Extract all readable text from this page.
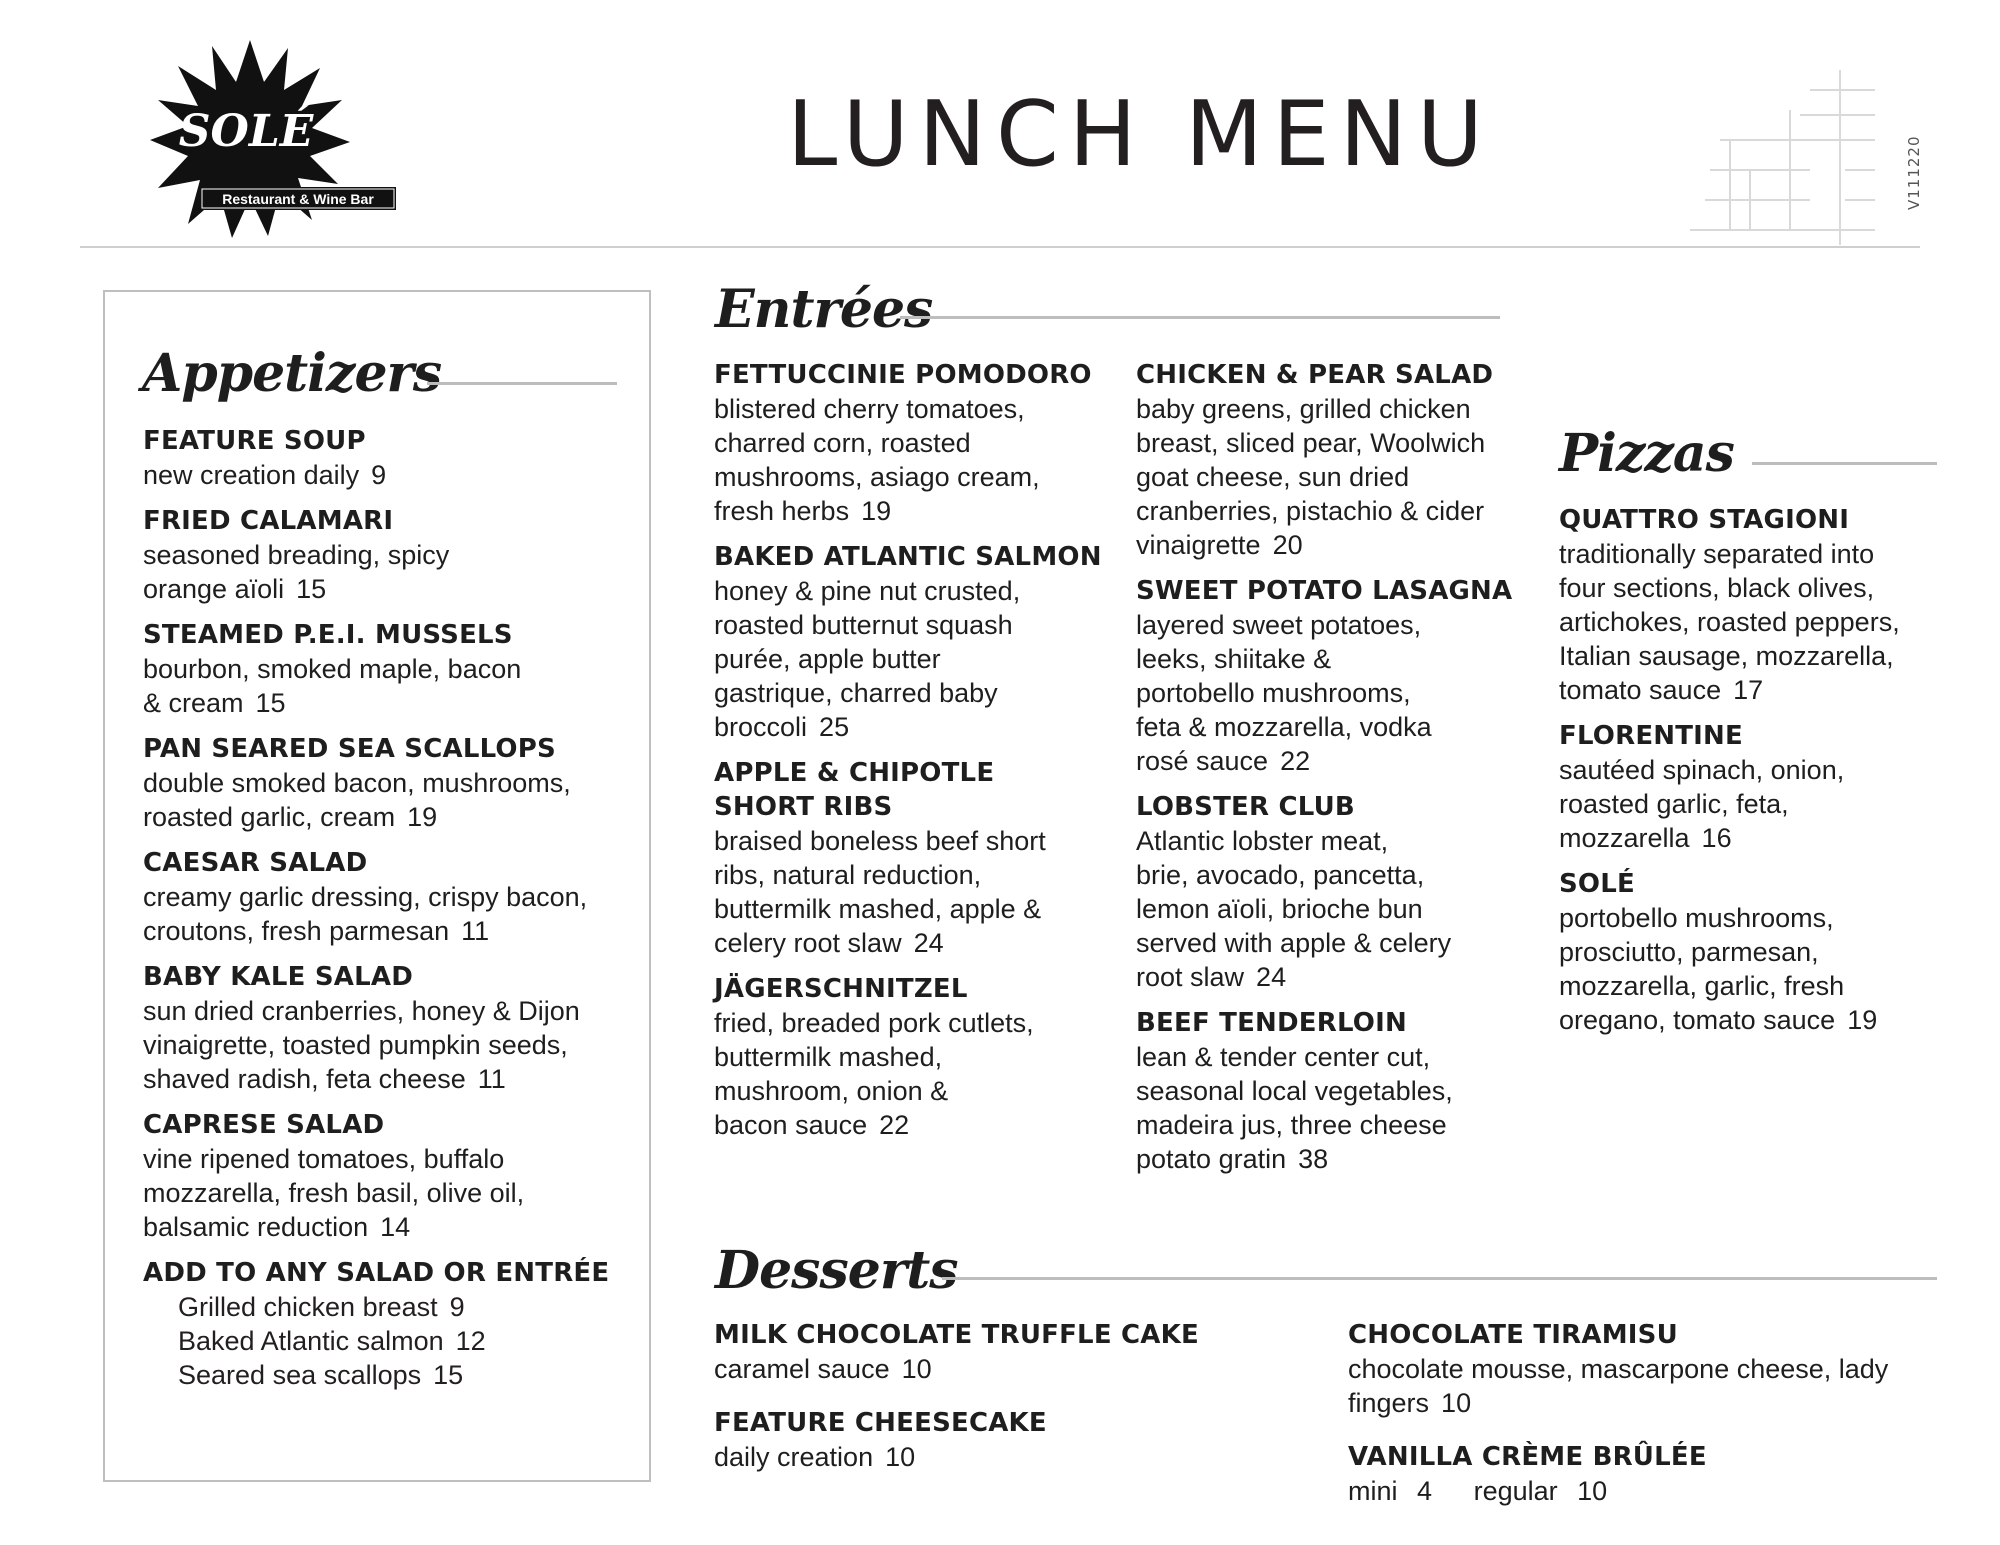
SOLÉ
Restaurant & Wine Bar
LUNCH MENU	V111220
Appetizers
FEATURE SOUP
new creation daily 9
FRIED CALAMARI
seasoned breading, spicy
orange aïoli 15
STEAMED P.E.I. MUSSELS
bourbon, smoked maple, bacon
& cream 15
PAN SEARED SEA SCALLOPS
double smoked bacon, mushrooms,
roasted garlic, cream 19
CAESAR SALAD
creamy garlic dressing, crispy bacon,
croutons, fresh parmesan 11
BABY KALE SALAD
sun dried cranberries, honey & Dijon
vinaigrette, toasted pumpkin seeds,
shaved radish, feta cheese 11
CAPRESE SALAD
vine ripened tomatoes, buffalo
mozzarella, fresh basil, olive oil,
balsamic reduction 14
ADD TO ANY SALAD OR ENTRÉE
Grilled chicken breast 9
Baked Atlantic salmon 12
Seared sea scallops 15
Entrées
FETTUCCINIE POMODORO
blistered cherry tomatoes,
charred corn, roasted
mushrooms, asiago cream,
fresh herbs 19
BAKED ATLANTIC SALMON
honey & pine nut crusted,
roasted butternut squash
purée, apple butter
gastrique, charred baby
broccoli 25
APPLE & CHIPOTLE
SHORT RIBS
braised boneless beef short
ribs, natural reduction,
buttermilk mashed, apple &
celery root slaw 24
JÄGERSCHNITZEL
fried, breaded pork cutlets,
buttermilk mashed,
mushroom, onion &
bacon sauce 22
CHICKEN & PEAR SALAD
baby greens, grilled chicken
breast, sliced pear, Woolwich
goat cheese, sun dried
cranberries, pistachio & cider
vinaigrette 20
SWEET POTATO LASAGNA
layered sweet potatoes,
leeks, shiitake &
portobello mushrooms,
feta & mozzarella, vodka
rosé sauce 22
LOBSTER CLUB
Atlantic lobster meat,
brie, avocado, pancetta,
lemon aïoli, brioche bun
served with apple & celery
root slaw 24
BEEF TENDERLOIN
lean & tender center cut,
seasonal local vegetables,
madeira jus, three cheese
potato gratin 38
Pizzas
QUATTRO STAGIONI
traditionally separated into
four sections, black olives,
artichokes, roasted peppers,
Italian sausage, mozzarella,
tomato sauce 17
FLORENTINE
sautéed spinach, onion,
roasted garlic, feta,
mozzarella 16
SOLÉ
portobello mushrooms,
prosciutto, parmesan,
mozzarella, garlic, fresh
oregano, tomato sauce 19
Desserts
MILK CHOCOLATE TRUFFLE CAKE
caramel sauce 10
FEATURE CHEESECAKE
daily creation 10
CHOCOLATE TIRAMISU
chocolate mousse, mascarpone cheese, lady
fingers 10
VANILLA CRÈME BRÛLÉE
mini 4 regular 10
